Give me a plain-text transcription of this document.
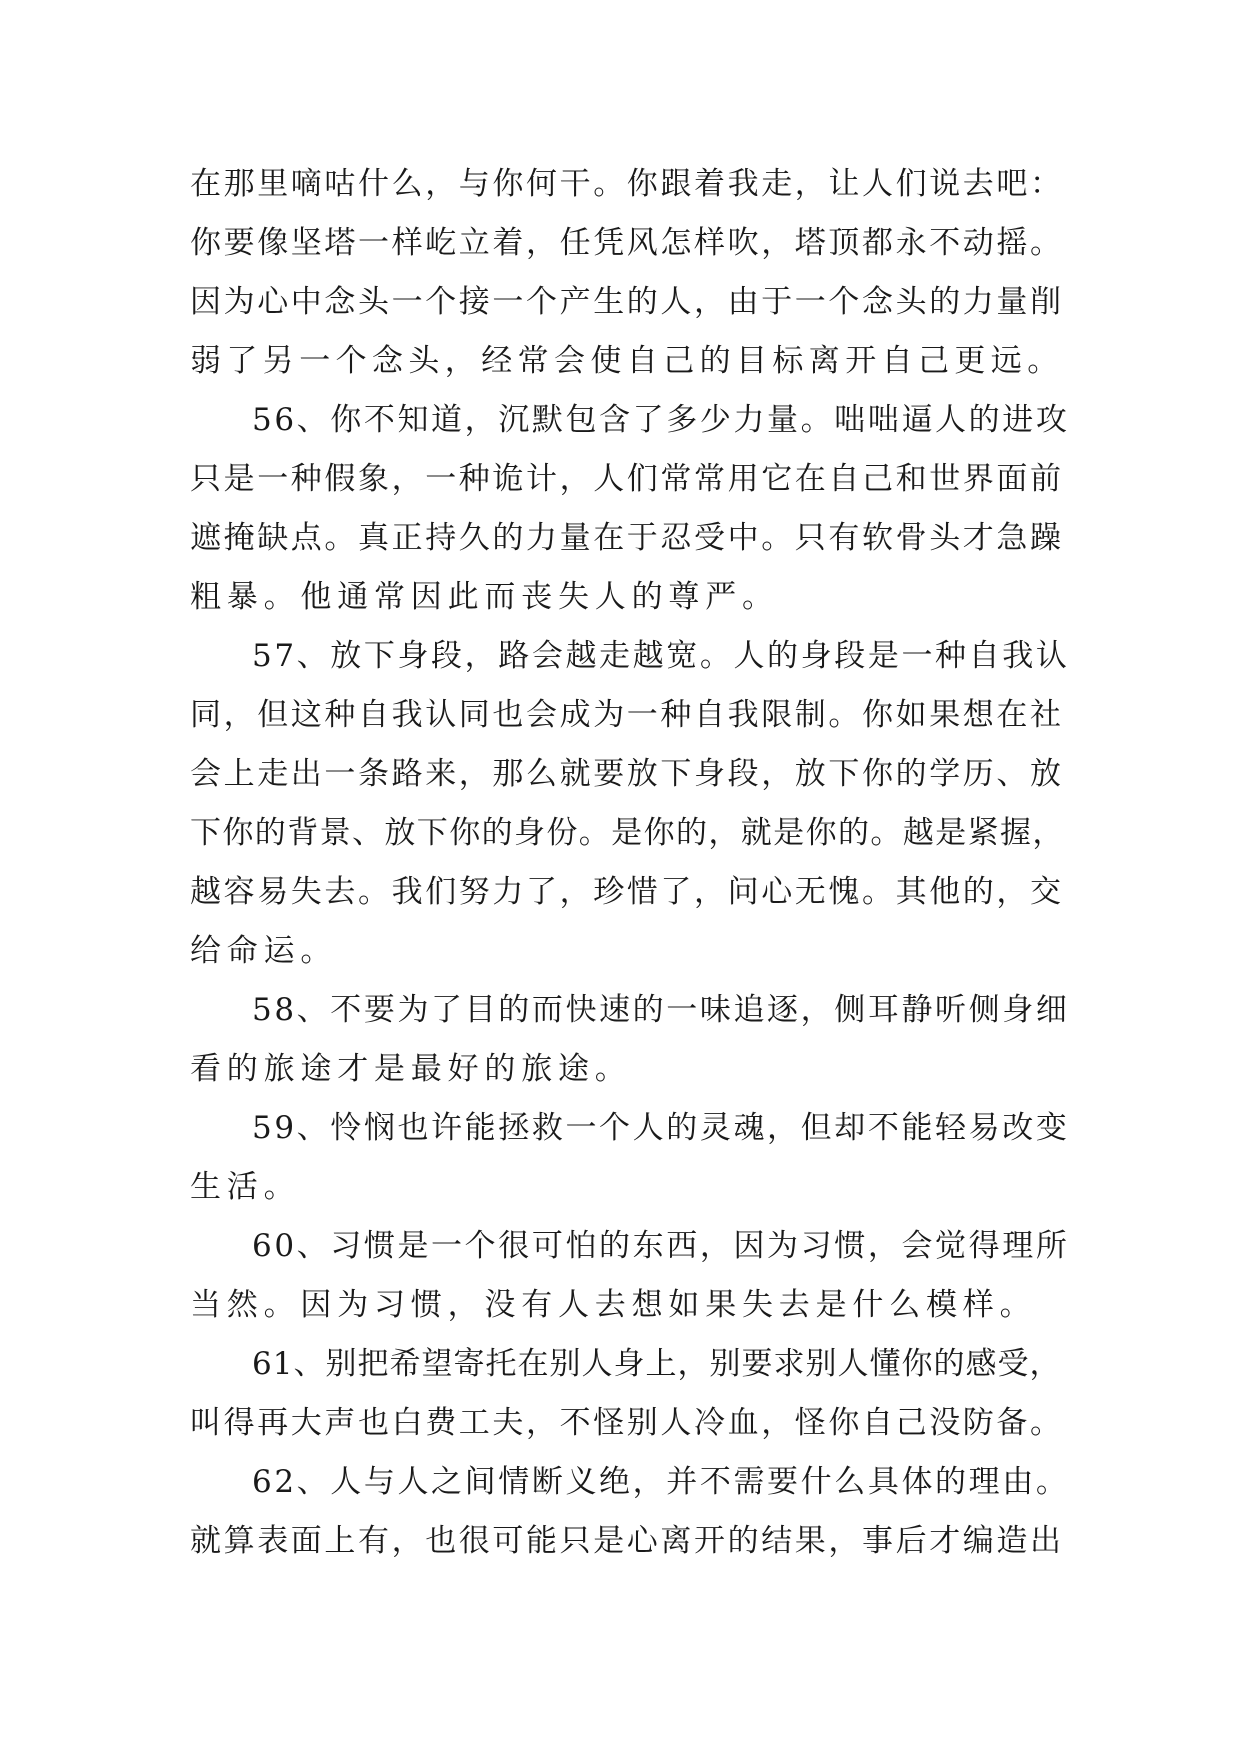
在那里嘀咕什么，与你何干。你跟着我走，让人们说去吧：
你要像坚塔一样屹立着，任凭风怎样吹，塔顶都永不动摇。
因为心中念头一个接一个产生的人，由于一个念头的力量削
弱了另一个念头，经常会使自己的目标离开自己更远。
56、你不知道，沉默包含了多少力量。咄咄逼人的进攻
只是一种假象，一种诡计，人们常常用它在自己和世界面前
遮掩缺点。真正持久的力量在于忍受中。只有软骨头才急躁
粗暴。他通常因此而丧失人的尊严。
57、放下身段，路会越走越宽。人的身段是一种自我认
同，但这种自我认同也会成为一种自我限制。你如果想在社
会上走出一条路来，那么就要放下身段，放下你的学历、放
下你的背景、放下你的身份。是你的，就是你的。越是紧握，
越容易失去。我们努力了，珍惜了，问心无愧。其他的，交
给命运。
58、不要为了目的而快速的一味追逐，侧耳静听侧身细
看的旅途才是最好的旅途。
59、怜悯也许能拯救一个人的灵魂，但却不能轻易改变
生活。
60、习惯是一个很可怕的东西，因为习惯，会觉得理所
当然。因为习惯，没有人去想如果失去是什么模样。
61、别把希望寄托在别人身上，别要求别人懂你的感受，
叫得再大声也白费工夫，不怪别人冷血，怪你自己没防备。
62、人与人之间情断义绝，并不需要什么具体的理由。
就算表面上有，也很可能只是心离开的结果，事后才编造出
